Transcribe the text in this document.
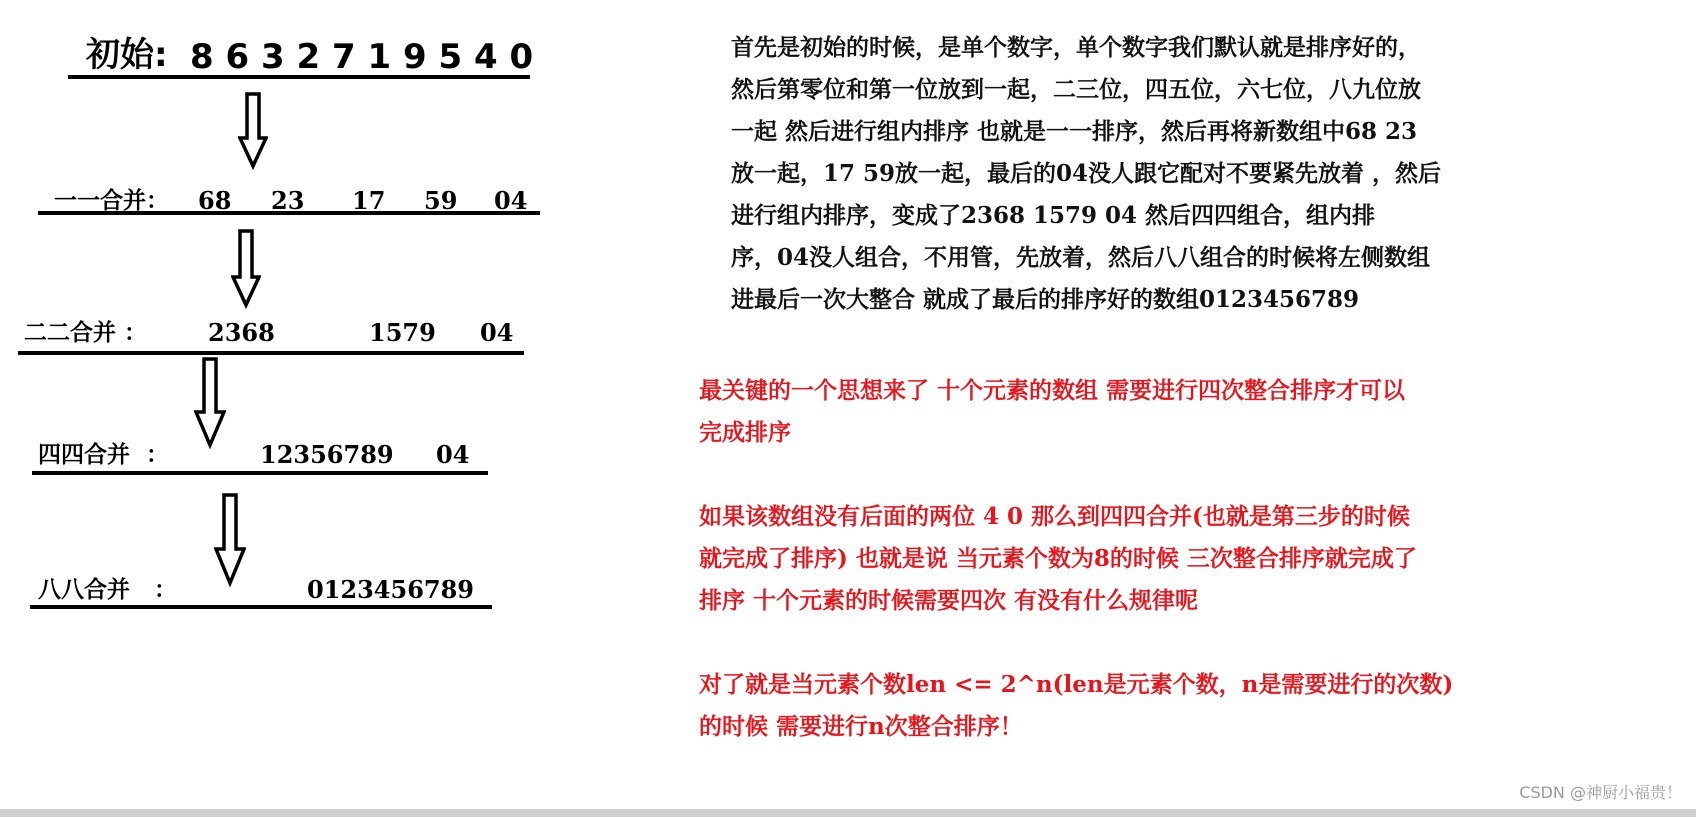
初始: 8 6 3 2 7 1 9 5 4 0
一一合并： 68 23 17 59 04
二二合并 ：	2368	1579 04
四四合并  ：	12356789 04
八八合并   ：	0123456789
首先是初始的时候，是单个数字，单个数字我们默认就是排序好的，
然后第零位和第一位放到一起，二三位，四五位，六七位，八九位放
一起 然后进行组内排序 也就是一一排序，然后再将新数组中68 23
放一起，17 59放一起，最后的04没人跟它配对不要紧先放着 ，然后
进行组内排序，变成了2368 1579 04 然后四四组合，组内排
序，04没人组合，不用管，先放着，然后八八组合的时候将左侧数组
进最后一次大整合 就成了最后的排序好的数组0123456789
最关键的一个思想来了 十个元素的数组 需要进行四次整合排序才可以
完成排序
如果该数组没有后面的两位 4 0 那么到四四合并(也就是第三步的时候
就完成了排序) 也就是说 当元素个数为8的时候 三次整合排序就完成了
排序 十个元素的时候需要四次 有没有什么规律呢
对了就是当元素个数len <= 2^n(len是元素个数，n是需要进行的次数)
的时候 需要进行n次整合排序！
CSDN @神厨小福贵！
